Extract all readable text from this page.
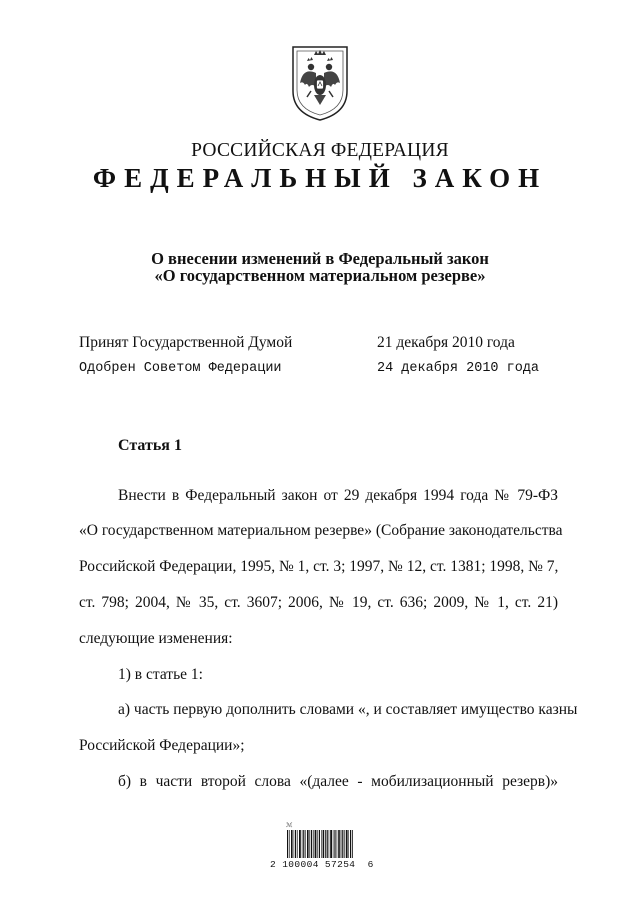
РОССИЙСКАЯ ФЕДЕРАЦИЯ
ФЕДЕРАЛЬНЫЙ ЗАКОН
О внесении изменений в Федеральный закон
«О государственном материальном резерве»
Принят Государственной Думой	21 декабря 2010 года
Одобрен Советом Федерации	24 декабря 2010 года
Статья 1
Внести в Федеральный закон от 29 декабря 1994 года № 79-ФЗ
«О государственном материальном резерве» (Собрание законодательства
Российской Федерации, 1995, № 1, ст. 3; 1997, № 12, ст. 1381; 1998, № 7,
ст. 798; 2004, № 35, ст. 3607; 2006, № 19, ст. 636; 2009, № 1, ст. 21)
следующие изменения:
1) в статье 1:
а) часть первую дополнить словами «, и составляет имущество казны
Российской Федерации»;
б) в части второй слова «(далее - мобилизационный резерв)»
ℳ
2 100004 57254  6
